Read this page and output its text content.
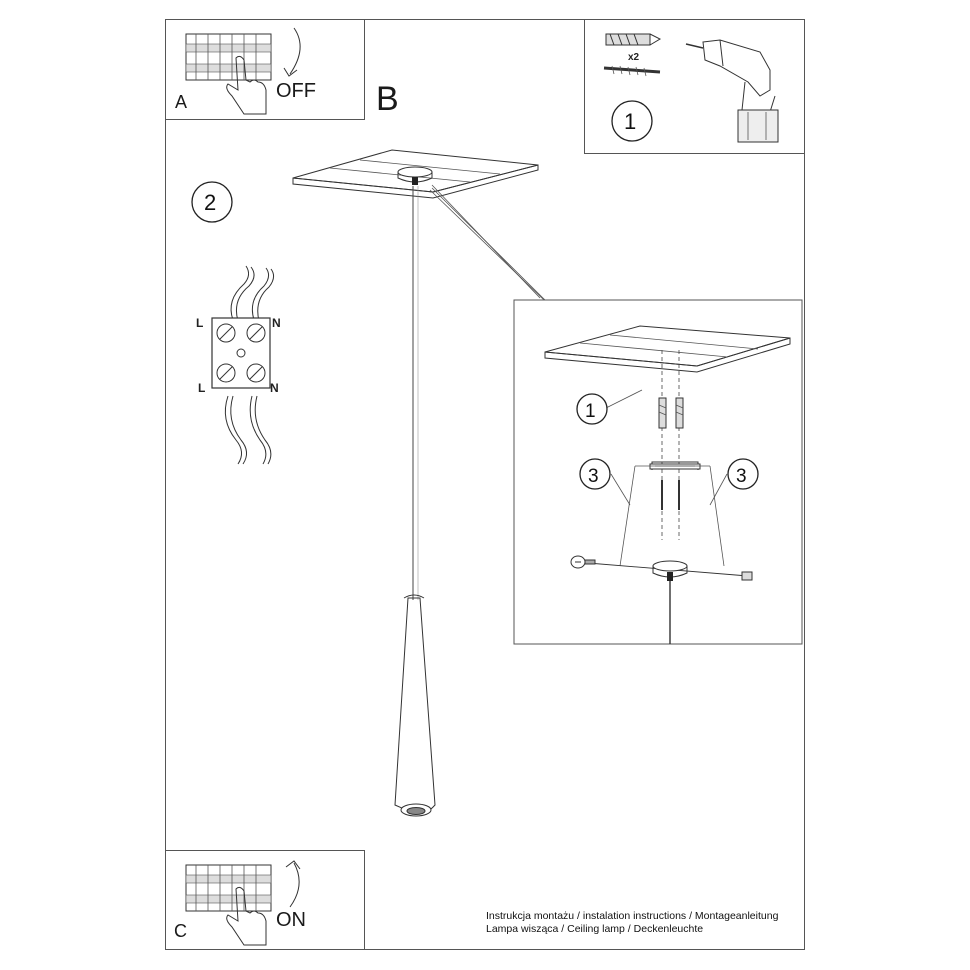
x2
1
2
1
3	3
L	N
L	N
A	OFF B
C	ON	Instrukcja montażu / instalation instructions / Montageanleitung
Lampa wisząca / Ceiling lamp / Deckenleuchte
